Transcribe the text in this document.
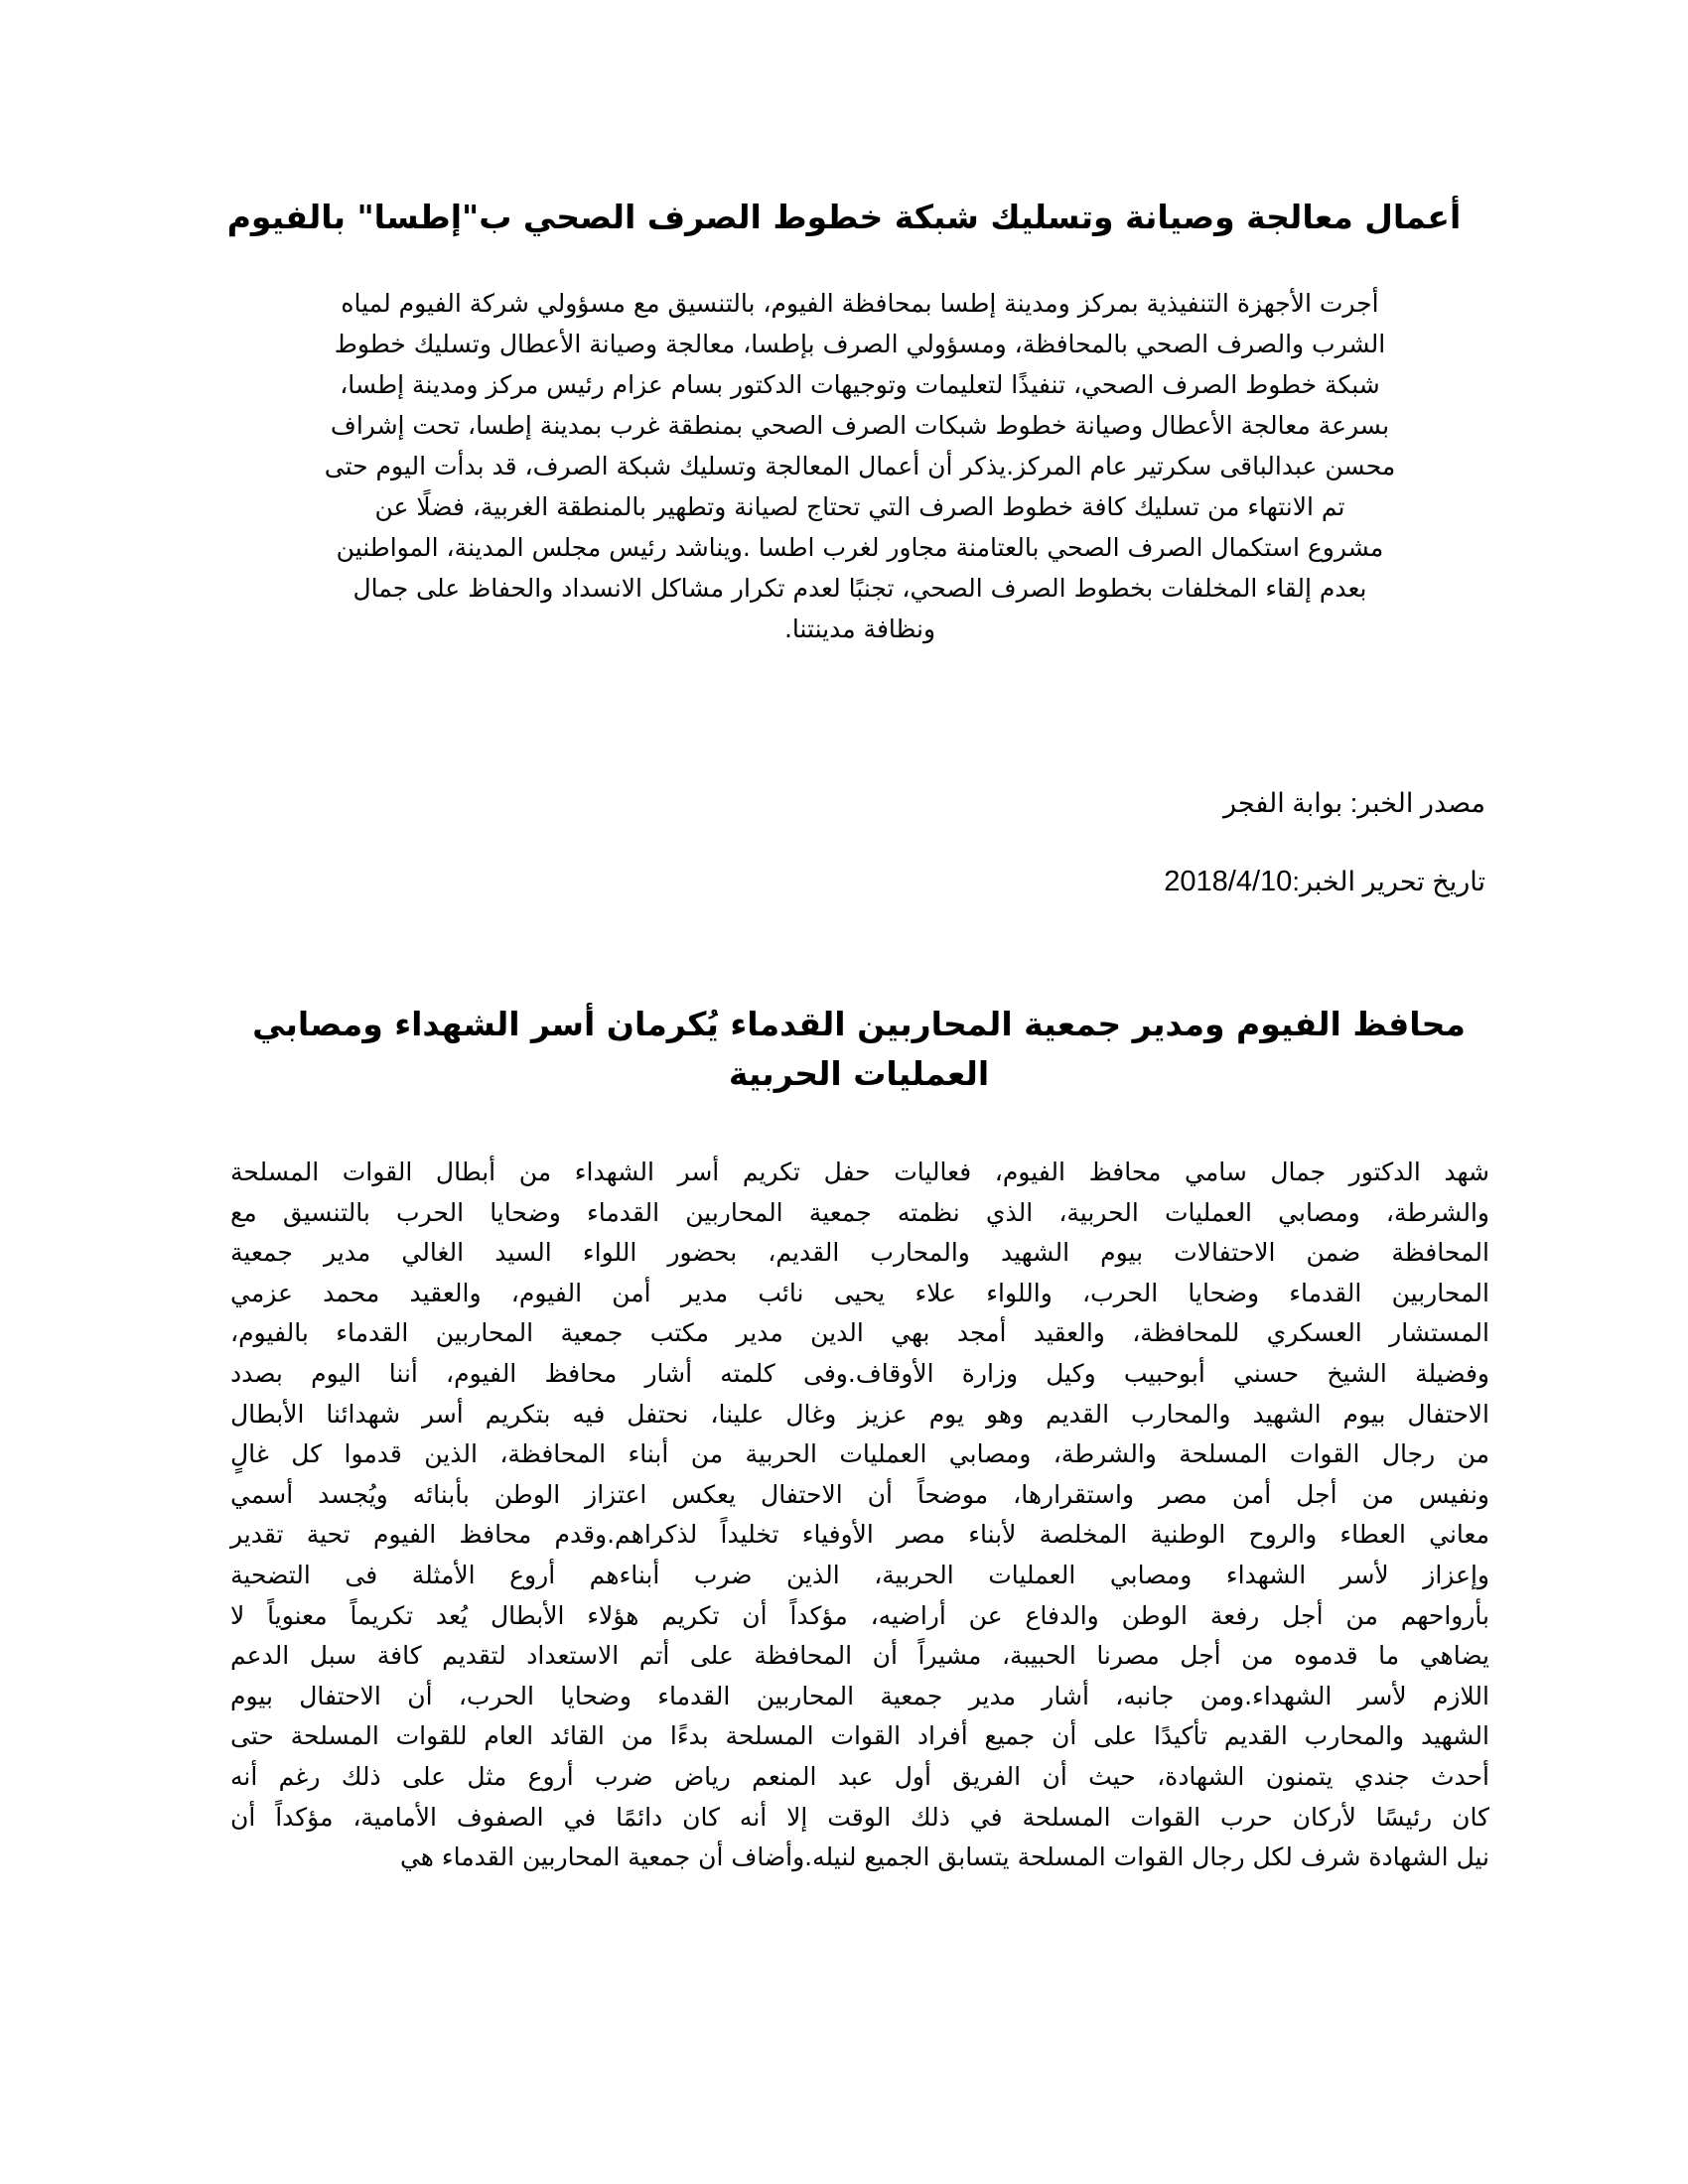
أعمال معالجة وصيانة وتسليك شبكة خطوط الصرف الصحي ب"إطسا" بالفيوم
أجرت الأجهزة التنفيذية بمركز ومدينة إطسا بمحافظة الفيوم، بالتنسيق مع مسؤولي شركة الفيوم لمياه
الشرب والصرف الصحي بالمحافظة، ومسؤولي الصرف بإطسا، معالجة وصيانة الأعطال وتسليك خطوط
شبكة خطوط الصرف الصحي، تنفيذًا لتعليمات وتوجيهات الدكتور بسام عزام رئيس مركز ومدينة إطسا،
بسرعة معالجة الأعطال وصيانة خطوط شبكات الصرف الصحي بمنطقة غرب بمدينة إطسا، تحت إشراف
محسن عبدالباقى سكرتير عام المركز.يذكر أن أعمال المعالجة وتسليك شبكة الصرف، قد بدأت اليوم حتى
تم الانتهاء من تسليك كافة خطوط الصرف التي تحتاج لصيانة وتطهير بالمنطقة الغربية، فضلًا عن
مشروع استكمال الصرف الصحي بالعتامنة مجاور لغرب اطسا .ويناشد رئيس مجلس المدينة، المواطنين
بعدم إلقاء المخلفات بخطوط الصرف الصحي، تجنبًا لعدم تكرار مشاكل الانسداد والحفاظ على جمال
ونظافة مدينتنا.

مصدر الخبر: بوابة الفجر

تاريخ تحرير الخبر:2018/4/10

محافظ الفيوم ومدير جمعية المحاربين القدماء يُكرمان أسر الشهداء ومصابي
العمليات الحربية
شهد الدكتور جمال سامي محافظ الفيوم، فعاليات حفل تكريم أسر الشهداء من أبطال القوات المسلحة
والشرطة، ومصابي العمليات الحربية، الذي نظمته جمعية المحاربين القدماء وضحايا الحرب بالتنسيق مع
المحافظة ضمن الاحتفالات بيوم الشهيد والمحارب القديم، بحضور اللواء السيد الغالي مدير جمعية
المحاربين القدماء وضحايا الحرب، واللواء علاء يحيى نائب مدير أمن الفيوم، والعقيد محمد عزمي
المستشار العسكري للمحافظة، والعقيد أمجد بهي الدين مدير مكتب جمعية المحاربين القدماء بالفيوم،
وفضيلة الشيخ حسني أبوحبيب وكيل وزارة الأوقاف.وفى كلمته أشار محافظ الفيوم، أننا اليوم بصدد
الاحتفال بيوم الشهيد والمحارب القديم وهو يوم عزيز وغال علينا، نحتفل فيه بتكريم أسر شهدائنا الأبطال
من رجال القوات المسلحة والشرطة، ومصابي العمليات الحربية من أبناء المحافظة، الذين قدموا كل غالٍ
ونفيس من أجل أمن مصر واستقرارها، موضحاً أن الاحتفال يعكس اعتزاز الوطن بأبنائه ويُجسد أسمي
معاني العطاء والروح الوطنية المخلصة لأبناء مصر الأوفياء تخليداً لذكراهم.وقدم محافظ الفيوم تحية تقدير
وإعزاز لأسر الشهداء ومصابي العمليات الحربية، الذين ضرب أبناءهم أروع الأمثلة فى التضحية
بأرواحهم من أجل رفعة الوطن والدفاع عن أراضيه، مؤكداً أن تكريم هؤلاء الأبطال يُعد تكريماً معنوياً لا
يضاهي ما قدموه من أجل مصرنا الحبيبة، مشيراً أن المحافظة على أتم الاستعداد لتقديم كافة سبل الدعم
اللازم لأسر الشهداء.ومن جانبه، أشار مدير جمعية المحاربين القدماء وضحايا الحرب، أن الاحتفال بيوم
الشهيد والمحارب القديم تأكيدًا على أن جميع أفراد القوات المسلحة بدءًا من القائد العام للقوات المسلحة حتى
أحدث جندي يتمنون الشهادة، حيث أن الفريق أول عبد المنعم رياض ضرب أروع مثل على ذلك رغم أنه
كان رئيسًا لأركان حرب القوات المسلحة في ذلك الوقت إلا أنه كان دائمًا في الصفوف الأمامية، مؤكداً أن
نيل الشهادة شرف لكل رجال القوات المسلحة يتسابق الجميع لنيله.وأضاف أن جمعية المحاربين القدماء هي
